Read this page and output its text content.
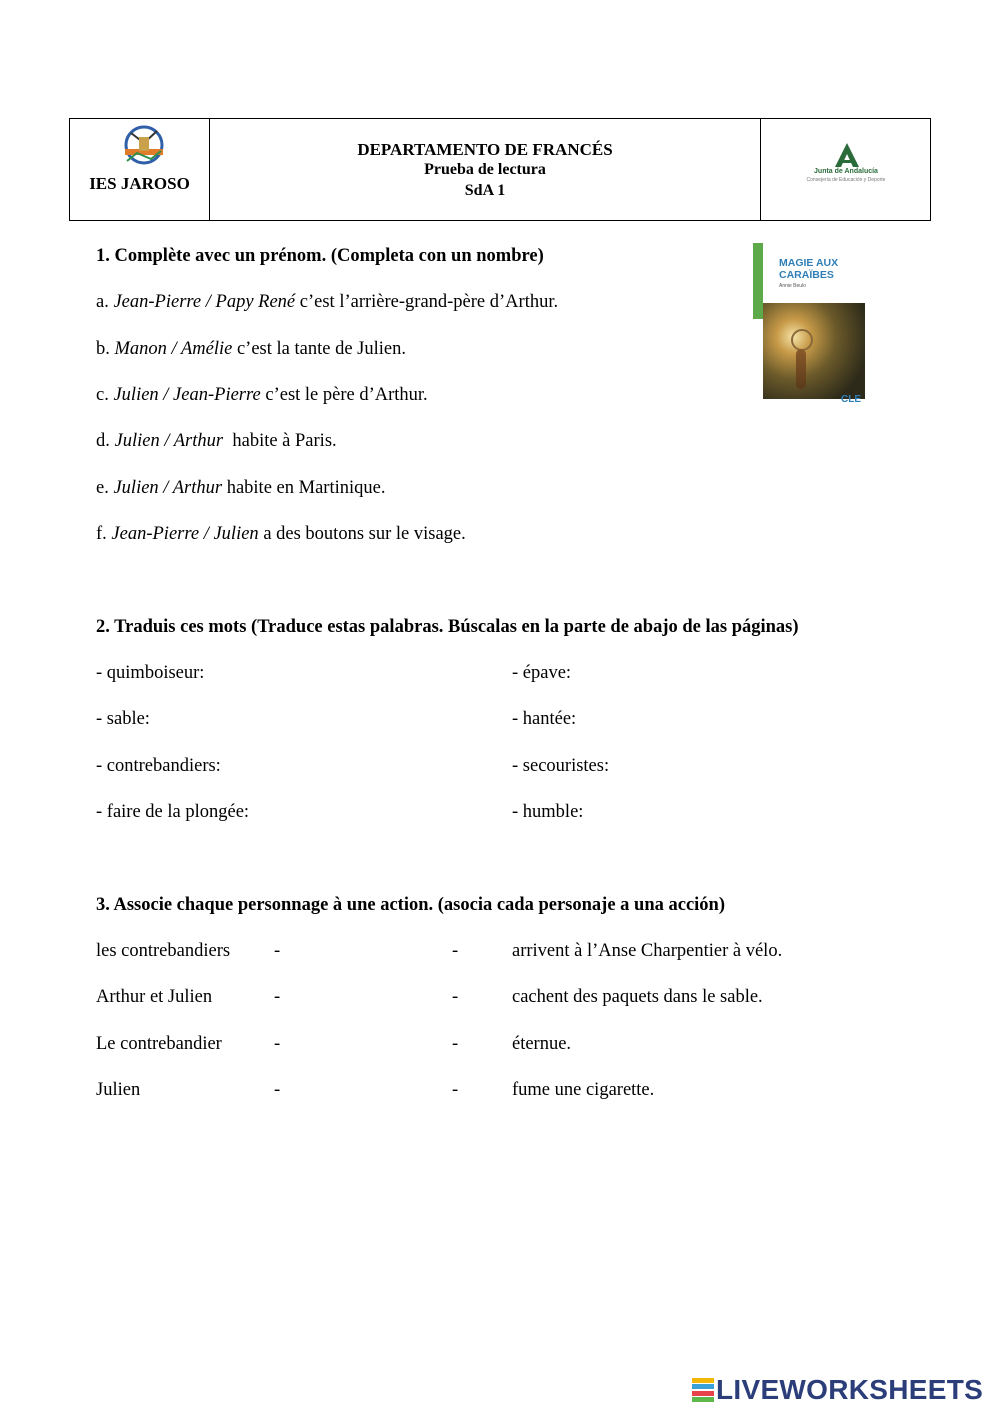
IES JAROSO
DEPARTAMENTO DE FRANCÉS
Prueba de lectura
SdA 1
Junta de Andalucía
Consejería de Educación y Deporte
MAGIE AUX
CARAÏBES
Annie Beulo
CLE
1. Complète avec un prénom. (Completa con un nombre)
a. Jean-Pierre / Papy René c’est l’arrière-grand-père d’Arthur.
b. Manon / Amélie c’est la tante de Julien.
c. Julien / Jean-Pierre c’est le père d’Arthur.
d. Julien / Arthur  habite à Paris.
e. Julien / Arthur habite en Martinique.
f. Jean-Pierre / Julien a des boutons sur le visage.
2. Traduis ces mots (Traduce estas palabras. Búscalas en la parte de abajo de las páginas)
- quimboiseur:
- sable:
- contrebandiers:
- faire de la plongée:
- épave:
- hantée:
- secouristes:
- humble:
3. Associe chaque personnage à une action. (asocia cada personaje a una acción)
les contrebandiers
Arthur et Julien
Le contrebandier
Julien
-
-
-
-
-
-
-
-
arrivent à l’Anse Charpentier à vélo.
cachent des paquets dans le sable.
éternue.
fume une cigarette.
LIVEWORKSHEETS
